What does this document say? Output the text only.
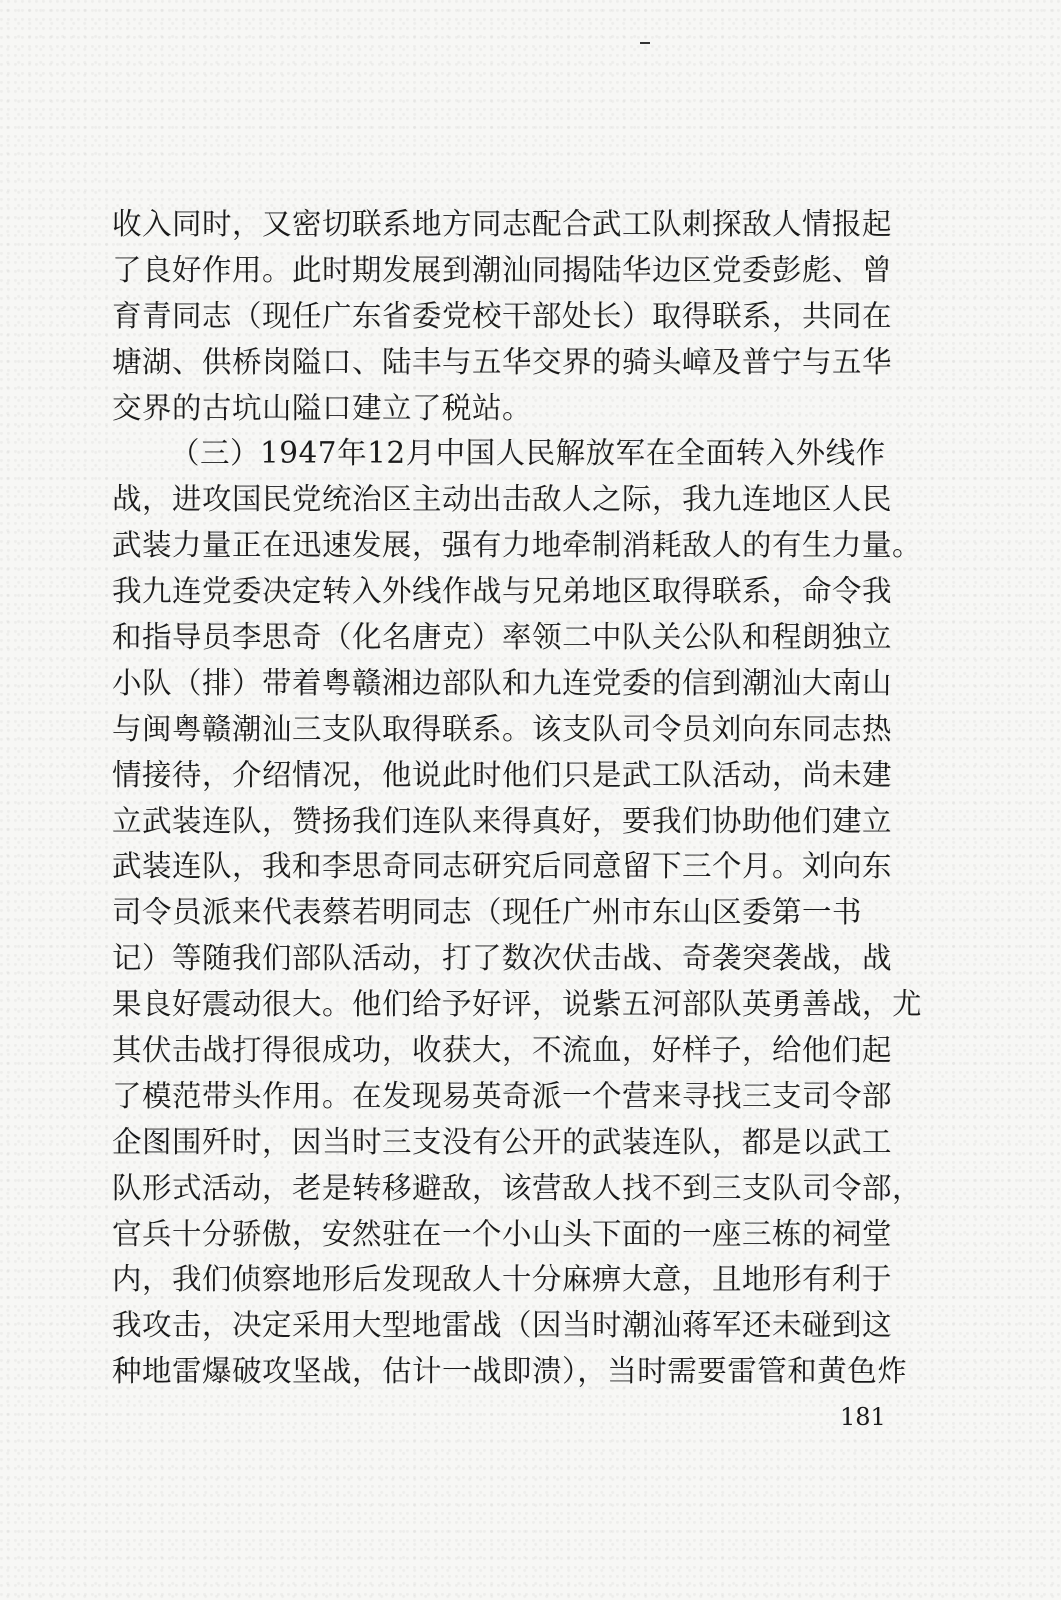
收入同时，又密切联系地方同志配合武工队刺探敌人情报起
了良好作用。此时期发展到潮汕同揭陆华边区党委彭彪、曾
育青同志（现任广东省委党校干部处长）取得联系，共同在
塘湖、供桥岗隘口、陆丰与五华交界的骑头嶂及普宁与五华
交界的古坑山隘口建立了税站。
（三）1947年12月中国人民解放军在全面转入外线作
战，进攻国民党统治区主动出击敌人之际，我九连地区人民
武装力量正在迅速发展，强有力地牵制消耗敌人的有生力量。
我九连党委决定转入外线作战与兄弟地区取得联系，命令我
和指导员李思奇（化名唐克）率领二中队关公队和程朗独立
小队（排）带着粤赣湘边部队和九连党委的信到潮汕大南山
与闽粤赣潮汕三支队取得联系。该支队司令员刘向东同志热
情接待，介绍情况，他说此时他们只是武工队活动，尚未建
立武装连队，赞扬我们连队来得真好，要我们协助他们建立
武装连队，我和李思奇同志研究后同意留下三个月。刘向东
司令员派来代表蔡若明同志（现任广州市东山区委第一书
记）等随我们部队活动，打了数次伏击战、奇袭突袭战，战
果良好震动很大。他们给予好评，说紫五河部队英勇善战，尤
其伏击战打得很成功，收获大，不流血，好样子，给他们起
了模范带头作用。在发现易英奇派一个营来寻找三支司令部
企图围歼时，因当时三支没有公开的武装连队，都是以武工
队形式活动，老是转移避敌，该营敌人找不到三支队司令部，
官兵十分骄傲，安然驻在一个小山头下面的一座三栋的祠堂
内，我们侦察地形后发现敌人十分麻痹大意，且地形有利于
我攻击，决定采用大型地雷战（因当时潮汕蒋军还未碰到这
种地雷爆破攻坚战，估计一战即溃），当时需要雷管和黄色炸
181
